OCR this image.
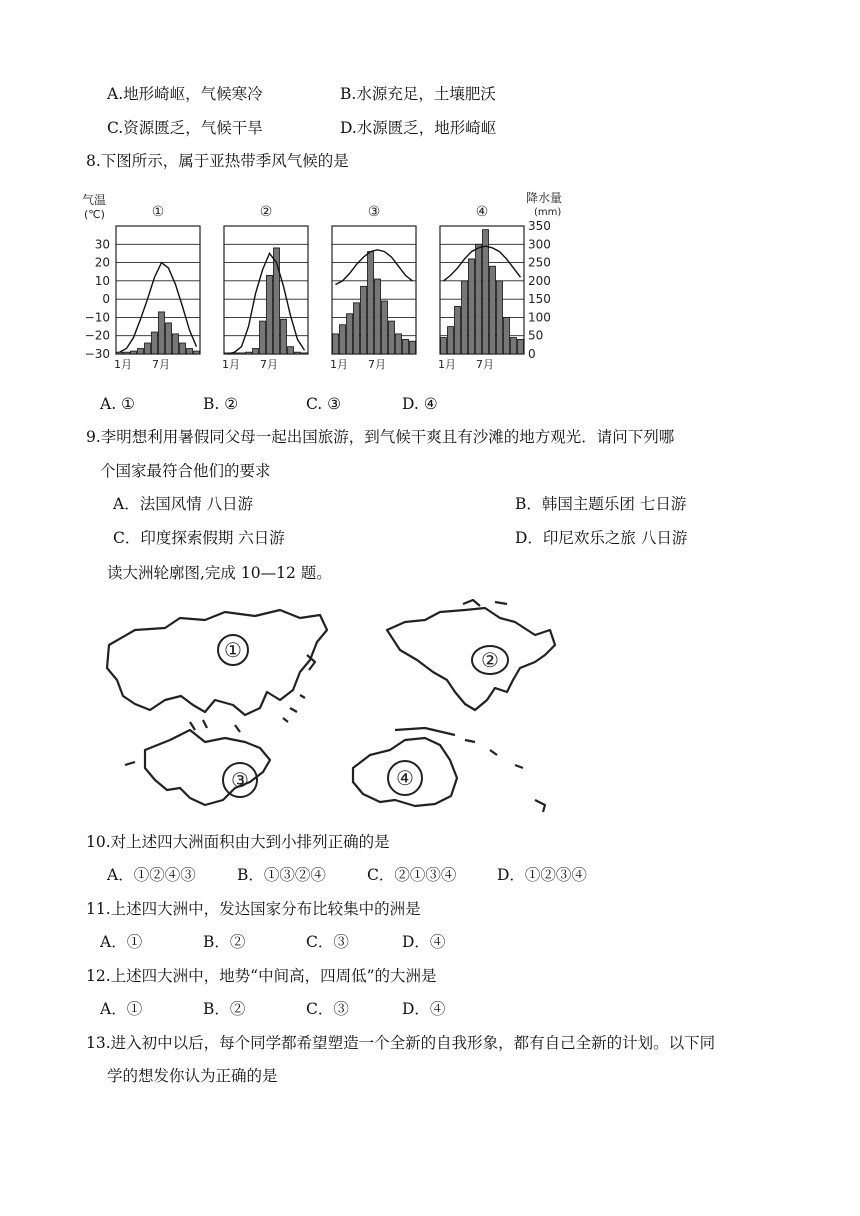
A.地形崎岖，气候寒冷	B.水源充足，土壤肥沃
C.资源匮乏，气候干旱	D.水源匮乏，地形崎岖
8.下图所示，属于亚热带季风气候的是
气温
(℃)
降水量
(mm)
30
20
10
0
−10
−20
−30
350
300
250
200
150
100
50
0
①
1月 7月
②
1月 7月
③
1月 7月
④
1月 7月
A. ①	B. ②	C. ③	D. ④
9.李明想利用暑假同父母一起出国旅游，到气候干爽且有沙滩的地方观光．请问下列哪
个国家最符合他们的要求
A．法国风情 八日游	B．韩国主题乐团 七日游
C．印度探索假期 六日游	D．印尼欢乐之旅 八日游
读大洲轮廓图,完成 10—12 题。
①	②
③	④
10.对上述四大洲面积由大到小排列正确的是
A．①②④③	B．①③②④	C．②①③④	D．①②③④
11.上述四大洲中，发达国家分布比较集中的洲是
A．①	B．②	C．③	D．④
12.上述四大洲中，地势“中间高，四周低”的大洲是
A．①	B．②	C．③	D．④
13.进入初中以后，每个同学都希望塑造一个全新的自我形象，都有自己全新的计划。以下同
学的想发你认为正确的是
